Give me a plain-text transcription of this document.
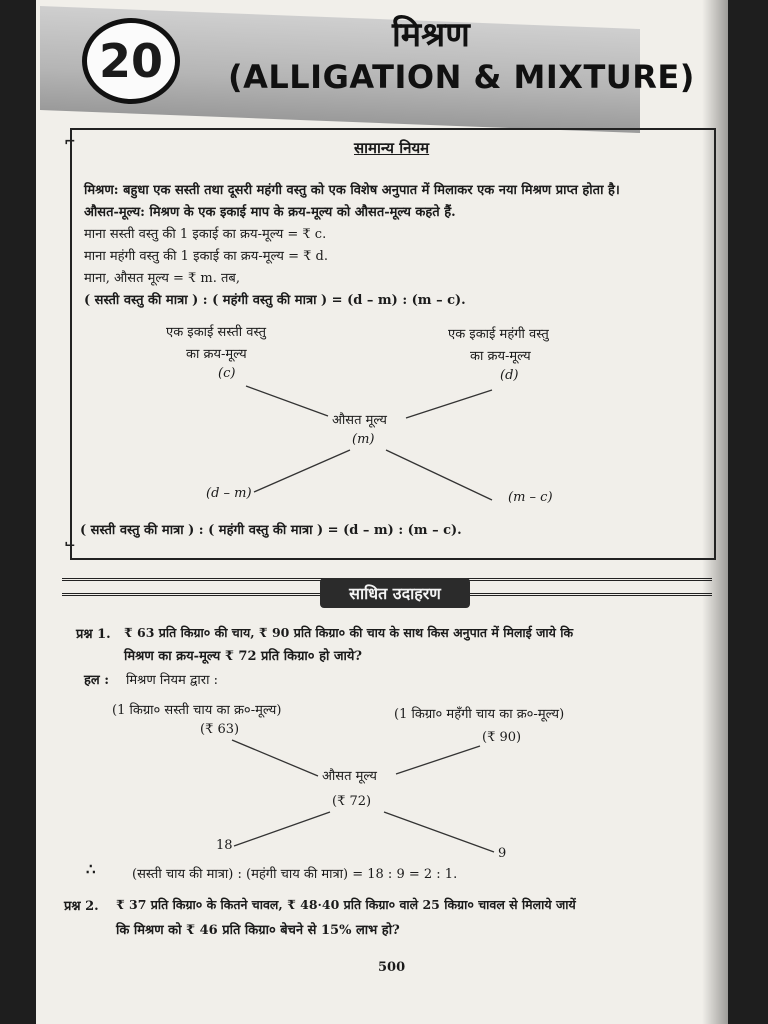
20	मिश्रण
(ALLIGATION & MIXTURE)
⌐
⌙
सामान्य नियम
मिश्रण: बहुधा एक सस्ती तथा दूसरी महंगी वस्तु को एक विशेष अनुपात में मिलाकर एक नया मिश्रण प्राप्त होता है।
औसत-मूल्य: मिश्रण के एक इकाई माप के क्रय-मूल्य को औसत-मूल्य कहते हैं.
माना सस्ती वस्तु की 1 इकाई का क्रय-मूल्य = ₹ c.
माना महंगी वस्तु की 1 इकाई का क्रय-मूल्य = ₹ d.
माना, औसत मूल्य = ₹ m. तब,
( सस्ती वस्तु की मात्रा ) : ( महंगी वस्तु की मात्रा ) = (d – m) : (m – c).
एक इकाई सस्ती वस्तु
का क्रय-मूल्य
(c)
एक इकाई महंगी वस्तु
का क्रय-मूल्य
(d)
औसत मूल्य
(m)
(d – m)	(m – c)
( सस्ती वस्तु की मात्रा ) : ( महंगी वस्तु की मात्रा ) = (d – m) : (m – c).
साधित उदाहरण
प्रश्न 1. ₹ 63 प्रति किग्रा० की चाय, ₹ 90 प्रति किग्रा० की चाय के साथ किस अनुपात में मिलाई जाये कि
मिश्रण का क्रय-मूल्य ₹ 72 प्रति किग्रा० हो जाये?
हल : मिश्रण नियम द्वारा :
(1 किग्रा० सस्ती चाय का क्र०-मूल्य)
(₹ 63)
(1 किग्रा० महँगी चाय का क्र०-मूल्य)
(₹ 90)
औसत मूल्य
(₹ 72)
18
9
∴	(सस्ती चाय की मात्रा) : (महंगी चाय की मात्रा) = 18 : 9 = 2 : 1.
प्रश्न 2. ₹ 37 प्रति किग्रा० के कितने चावल, ₹ 48·40 प्रति किग्रा० वाले 25 किग्रा० चावल से मिलाये जायें
कि मिश्रण को ₹ 46 प्रति किग्रा० बेचने से 15% लाभ हो?
500
